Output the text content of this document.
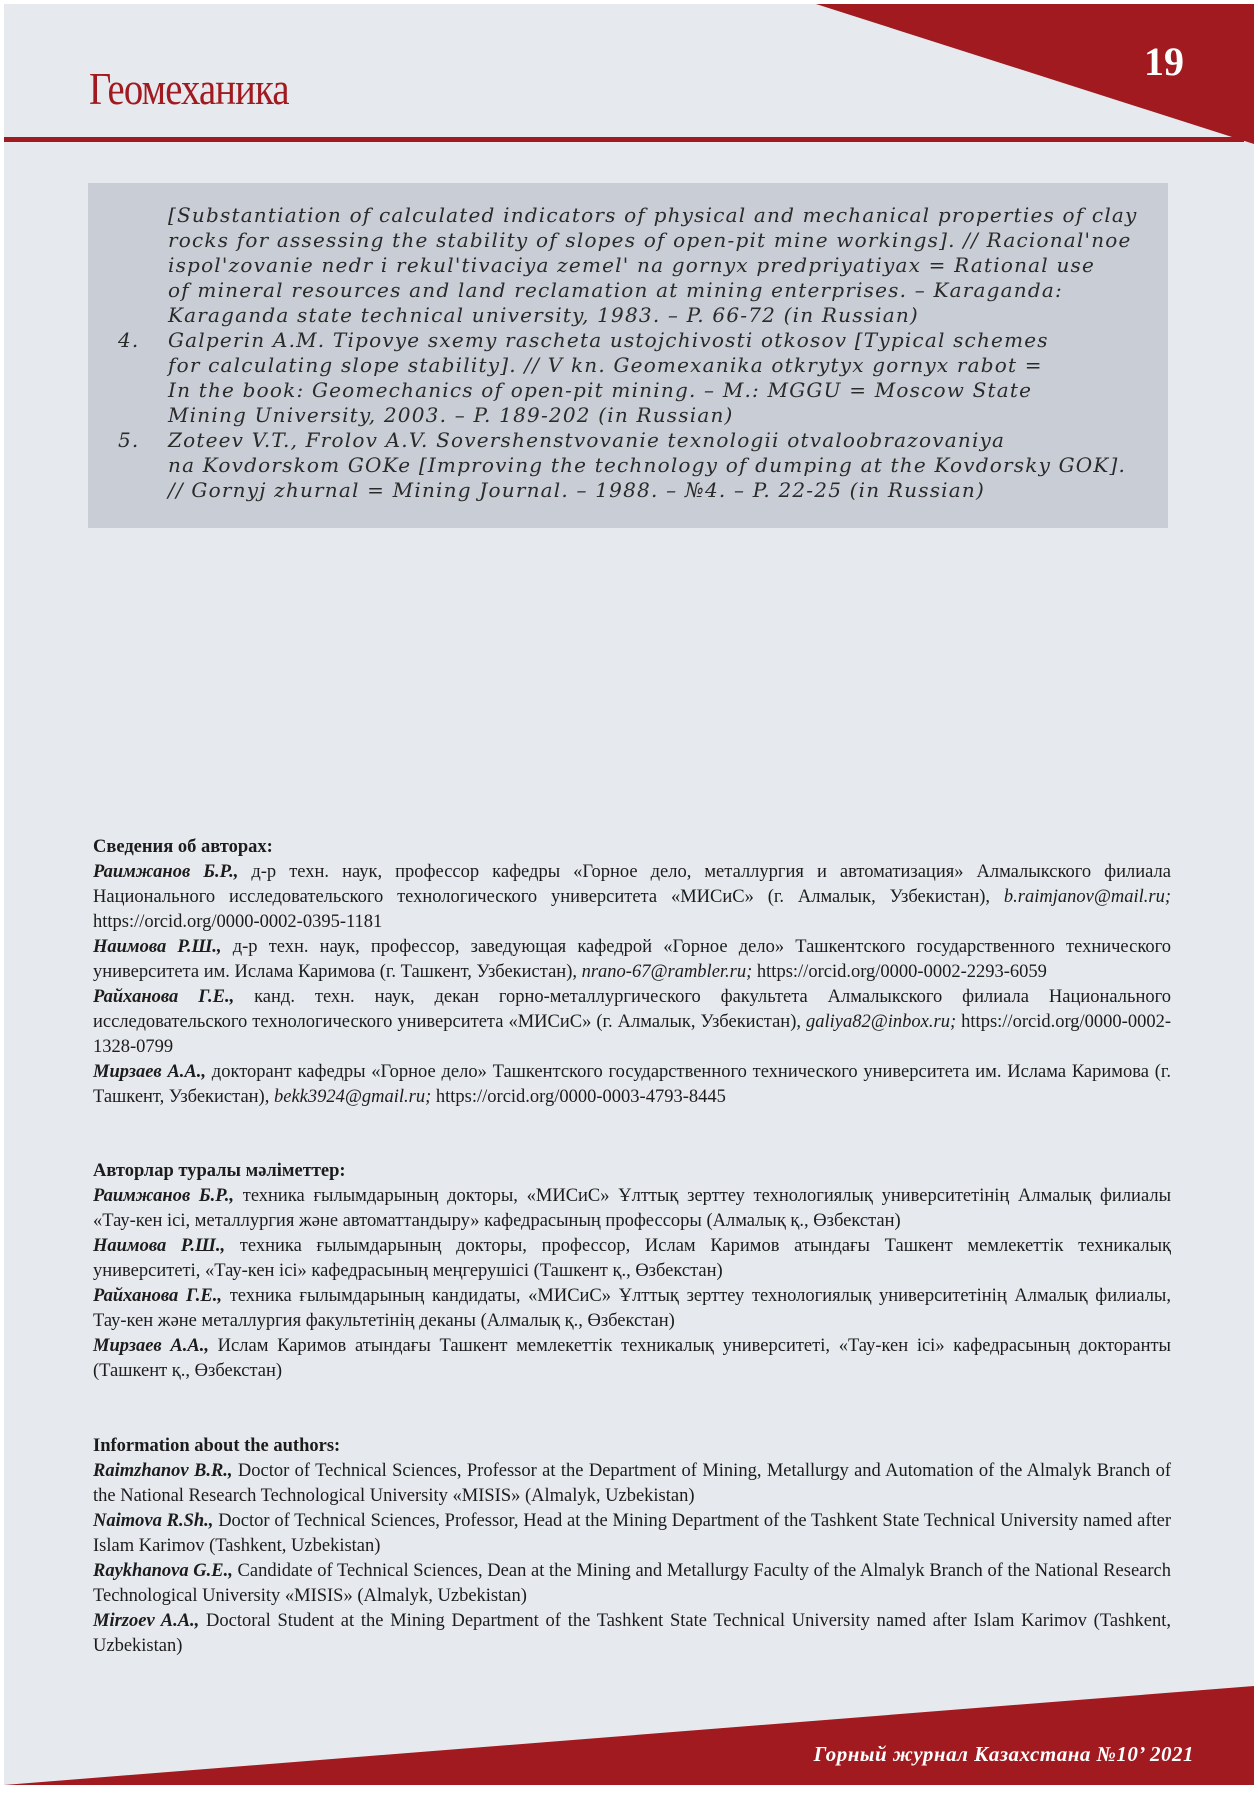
Геомеханика
19
[Substantiation of calculated indicators of physical and mechanical properties of clay
rocks for assessing the stability of slopes of open-pit mine workings]. // Racional'noe
ispol'zovanie nedr i rekul'tivaciya zemel' na gornyx predpriyatiyax = Rational use
of mineral resources and land reclamation at mining enterprises. – Karaganda:
Karaganda state technical university, 1983. – P. 66-72 (in Russian)
4.	Galperin A.M. Tipovye sxemy rascheta ustojchivosti otkosov [Typical schemes
for calculating slope stability]. // V kn. Geomexanika otkrytyx gornyx rabot =
In the book: Geomechanics of open-pit mining. – M.: MGGU = Moscow State
Mining University, 2003. – P. 189-202 (in Russian)
5.	Zoteev V.T., Frolov A.V. Sovershenstvovanie texnologii otvaloobrazovaniya
na Kovdorskom GOKe [Improving the technology of dumping at the Kovdorsky GOK].
// Gornyj zhurnal = Mining Journal. – 1988. – №4. – P. 22-25 (in Russian)
Сведения об авторах:
Раимжанов Б.Р., д-р техн. наук, профессор кафедры «Горное дело, металлургия и автоматизация» Алмалыкского филиала Национального исследовательского технологического университета «МИСиС» (г. Алмалык, Узбекистан), b.raimjanov@mail.ru; https://orcid.org/0000-0002-0395-1181
Наимова Р.Ш., д-р техн. наук, профессор, заведующая кафедрой «Горное дело» Ташкентского государственного технического университета им. Ислама Каримова (г. Ташкент, Узбекистан), nrano-67@rambler.ru; https://orcid.org/0000-0002-2293-6059
Райханова Г.Е., канд. техн. наук, декан горно-металлургического факультета Алмалыкского филиала Национального исследовательского технологического университета «МИСиС» (г. Алмалык, Узбекистан), galiya82@inbox.ru; https://orcid.org/0000-0002-1328-0799
Мирзаев А.А., докторант кафедры «Горное дело» Ташкентского государственного технического университета им. Ислама Каримова (г. Ташкент, Узбекистан), bekk3924@gmail.ru; https://orcid.org/0000-0003-4793-8445
Авторлар туралы мәліметтер:
Раимжанов Б.Р., техника ғылымдарының докторы, «МИСиС» Ұлттық зерттеу технологиялық университетінің Алмалық филиалы «Тау-кен ісі, металлургия және автоматтандыру» кафедрасының профессоры (Алмалық қ., Өзбекстан)
Наимова Р.Ш., техника ғылымдарының докторы, профессор, Ислам Каримов атындағы Ташкент мемлекеттік техникалық университеті, «Тау-кен ісі» кафедрасының меңгерушісі (Ташкент қ., Өзбекстан)
Райханова Г.Е., техника ғылымдарының кандидаты, «МИСиС» Ұлттық зерттеу технологиялық университетінің Алмалық филиалы, Тау-кен және металлургия факультетінің деканы (Алмалық қ., Өзбекстан)
Мирзаев А.А., Ислам Каримов атындағы Ташкент мемлекеттік техникалық университеті, «Тау-кен ісі» кафедрасының докторанты (Ташкент қ., Өзбекстан)
Information about the authors:
Raimzhanov B.R., Doctor of Technical Sciences, Professor at the Department of Mining, Metallurgy and Automation of the Almalyk Branch of the National Research Technological University «MISIS» (Almalyk, Uzbekistan)
Naimova R.Sh., Doctor of Technical Sciences, Professor, Head at the Mining Department of the Tashkent State Technical University named after Islam Karimov (Tashkent, Uzbekistan)
Raykhanova G.E., Candidate of Technical Sciences, Dean at the Mining and Metallurgy Faculty of the Almalyk Branch of the National Research Technological University «MISIS» (Almalyk, Uzbekistan)
Mirzoev A.A., Doctoral Student at the Mining Department of the Tashkent State Technical University named after Islam Karimov (Tashkent, Uzbekistan)
Горный журнал Казахстана №10’ 2021
